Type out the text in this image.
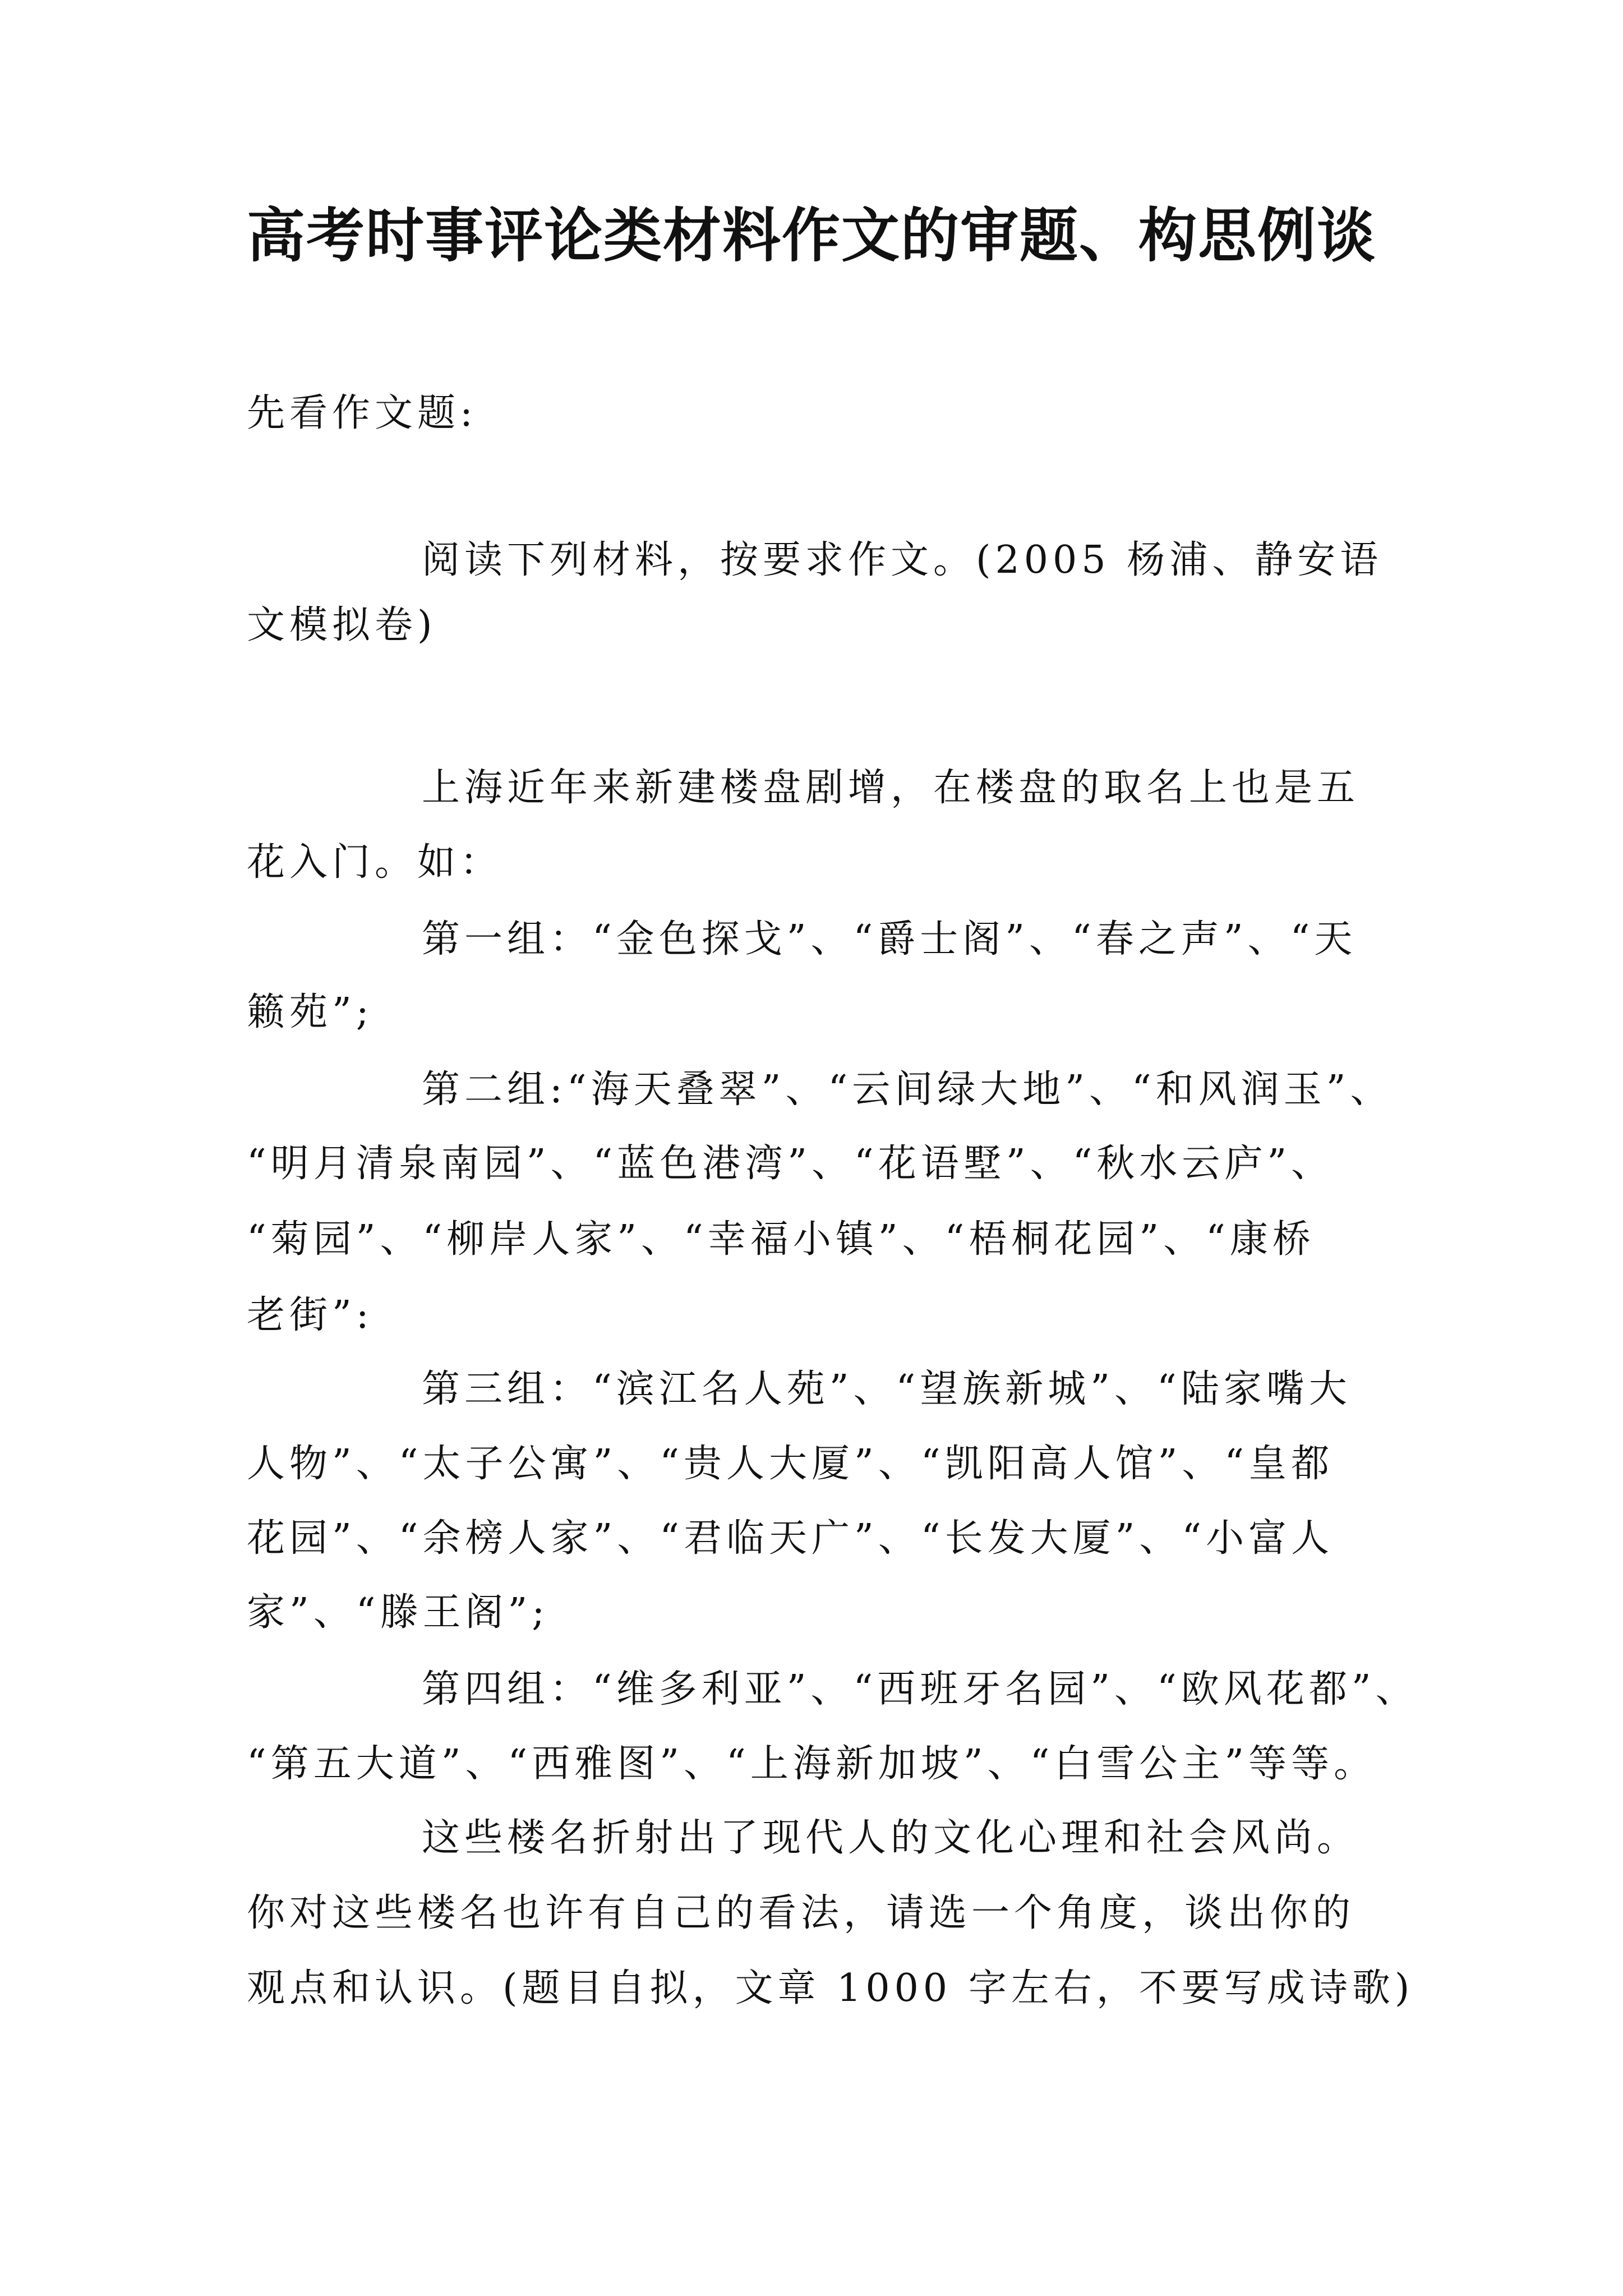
高考时事评论类材料作文的审题、构思例谈
先看作文题:
阅读下列材料，按要求作文。(2005 杨浦、静安语
文模拟卷)
上海近年来新建楼盘剧增，在楼盘的取名上也是五
花入门。如：
第一组：“金色探戈”、“爵士阁”、“春之声”、“天
籁苑”;
第二组:“海天叠翠”、“云间绿大地”、“和风润玉”、
“明月清泉南园”、“蓝色港湾”、“花语墅”、“秋水云庐”、
“菊园”、“柳岸人家”、“幸福小镇”、“梧桐花园”、“康桥
老街”:
第三组：“滨江名人苑”、“望族新城”、“陆家嘴大
人物”、“太子公寓”、“贵人大厦”、“凯阳高人馆”、“皇都
花园”、“余榜人家”、“君临天广”、“长发大厦”、“小富人
家”、“滕王阁”;
第四组：“维多利亚”、“西班牙名园”、“欧风花都”、
“第五大道”、“西雅图”、“上海新加坡”、“白雪公主”等等。
这些楼名折射出了现代人的文化心理和社会风尚。
你对这些楼名也许有自己的看法，请选一个角度，谈出你的
观点和认识。(题目自拟，文章 1000 字左右，不要写成诗歌)
